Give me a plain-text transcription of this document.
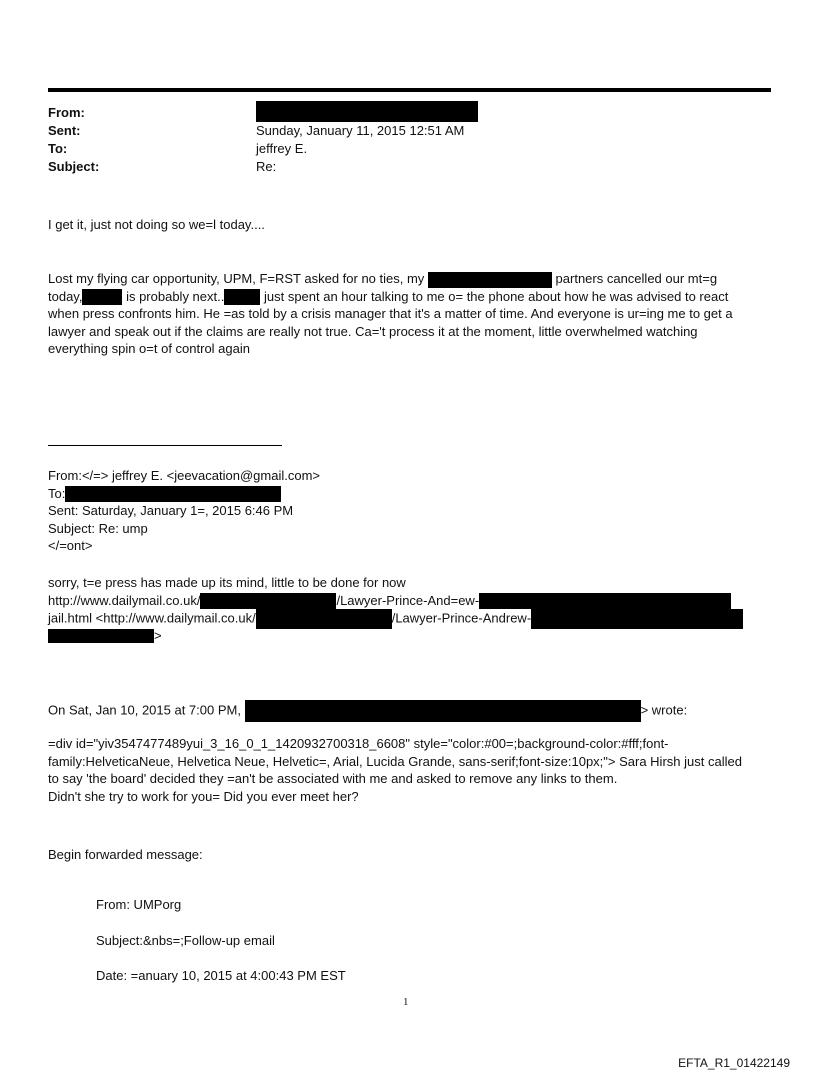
From:
Sent:	Sunday, January 11, 2015 12:51 AM
To:	jeffrey E.
Subject:	Re:
I get it, just not doing so we=l today....
Lost my flying car opportunity, UPM, F=RST asked for no ties, my	partners cancelled our mt=g
today,	is probably next..	just spent an hour talking to me o= the phone about how he was advised to react
when press confronts him. He =as told by a crisis manager that it's a matter of time. And everyone is ur=ing me to get a
lawyer and speak out if the claims are really not true. Ca='t process it at the moment, little overwhelmed watching
everything spin o=t of control again
From:</=> jeffrey E. <jeevacation@gmail.com>
To:
Sent: Saturday, January 1=, 2015 6:46 PM
Subject: Re: ump
</=ont>
sorry, t=e press has made up its mind, little to be done for now
http://www.dailymail.co.uk/	/Lawyer-Prince-And=ew-
jail.html <http://www.dailymail.co.uk/	/Lawyer-Prince-Andrew-
>
On Sat, Jan 10, 2015 at 7:00 PM,	> wrote:
=div id="yiv3547477489yui_3_16_0_1_1420932700318_6608" style="color:#00=;background-color:#fff;font-
family:HelveticaNeue, Helvetica Neue, Helvetic=, Arial, Lucida Grande, sans-serif;font-size:10px;"> Sara Hirsh just called
to say 'the board' decided they =an't be associated with me and asked to remove any links to them.
Didn't she try to work for you= Did you ever meet her?
Begin forwarded message:
From: UMPorg
Subject:&nbs=;Follow-up email
Date: =anuary 10, 2015 at 4:00:43 PM EST
1
EFTA_R1_01422149
